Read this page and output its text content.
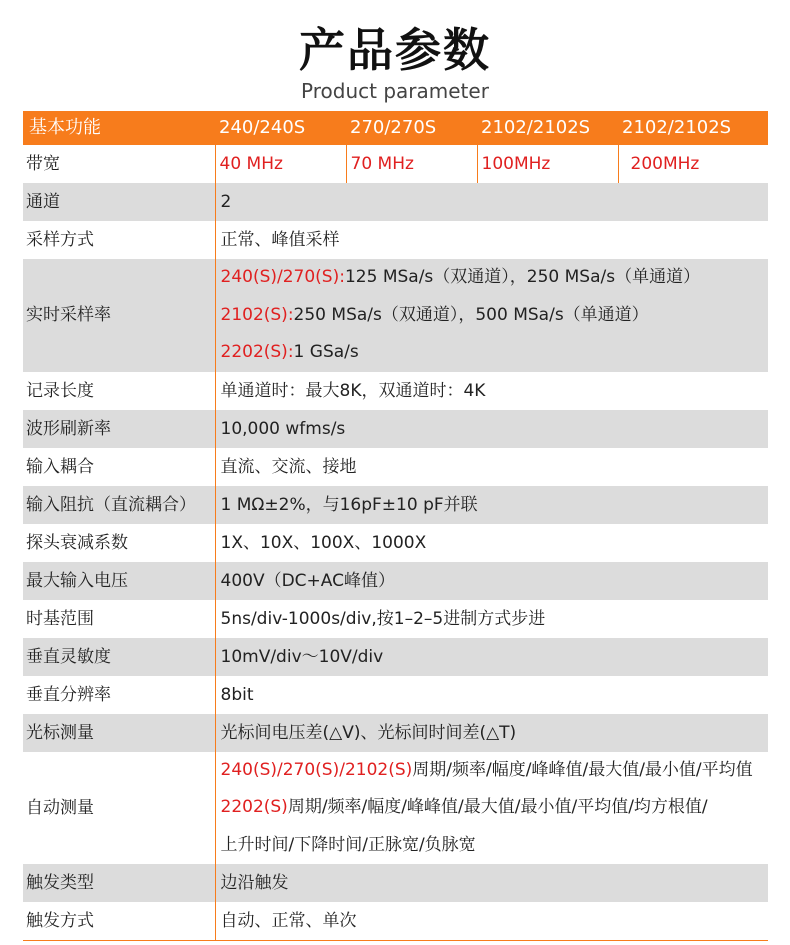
产品参数
Product parameter
基本功能	240/240S	270/270S	2102/2102S	2102/2102S
带宽	40 MHz	70 MHz	100MHz	200MHz
通道	2			
采样方式	正常、峰值采样			
实时采样率	240(S)/270(S):125 MSa/s（双通道），250 MSa/s（单通道）
2102(S):250 MSa/s（双通道），500 MSa/s（单通道）
2202(S):1 GSa/s			

记录长度	单通道时：最大8K，双通道时：4K			
波形刷新率	10,000 wfms/s			
输入耦合	直流、交流、接地			
输入阻抗（直流耦合）	1 MΩ±2%，与16pF±10 pF并联			
探头衰减系数	1X、10X、100X、1000X			
最大输入电压	400V（DC+AC峰值）			
时基范围	5ns/div-1000s/div,按1–2–5进制方式步进			
垂直灵敏度	10mV/div～10V/div			
垂直分辨率	8bit			
光标测量	光标间电压差(△V)、光标间时间差(△T)			
自动测量	240(S)/270(S)/2102(S)周期/频率/幅度/峰峰值/最大值/最小值/平均值
2202(S)周期/频率/幅度/峰峰值/最大值/最小值/平均值/均方根值/
上升时间/下降时间/正脉宽/负脉宽			

触发类型	边沿触发			
触发方式	自动、正常、单次			
